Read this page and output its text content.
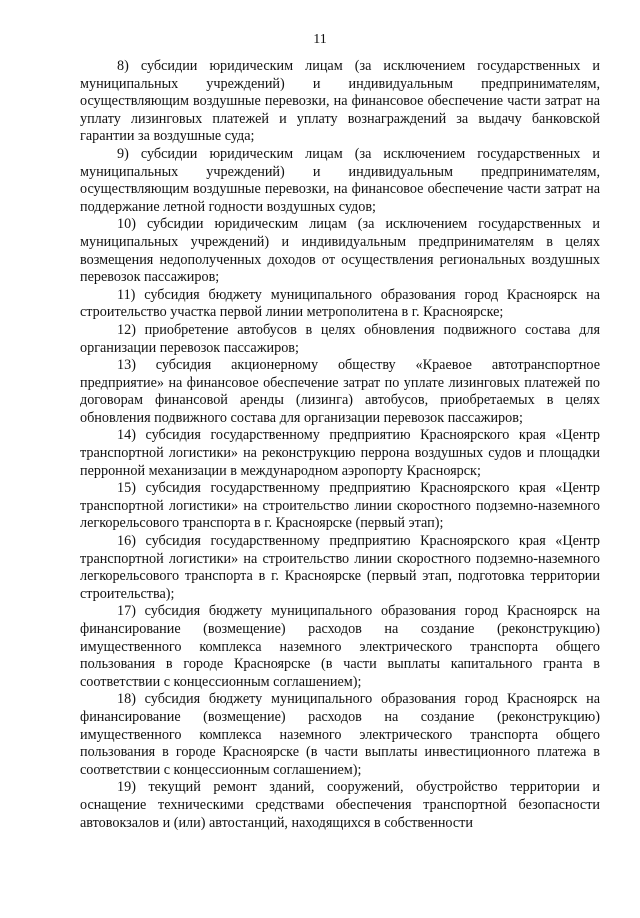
11

8) субсидии юридическим лицам (за исключением государственных и муниципальных учреждений) и индивидуальным предпринимателям, осуществляющим воздушные перевозки, на финансовое обеспечение части затрат на уплату лизинговых платежей и уплату вознаграждений за выдачу банковской гарантии за воздушные суда;

9) субсидии юридическим лицам (за исключением государственных и муниципальных учреждений) и индивидуальным предпринимателям, осуществляющим воздушные перевозки, на финансовое обеспечение части затрат на поддержание летной годности воздушных судов;

10) субсидии юридическим лицам (за исключением государственных и муниципальных учреждений) и индивидуальным предпринимателям в целях возмещения недополученных доходов от осуществления региональных воздушных перевозок пассажиров;

11) субсидия бюджету муниципального образования город Красноярск на строительство участка первой линии метрополитена в г. Красноярске;

12) приобретение автобусов в целях обновления подвижного состава для организации перевозок пассажиров;

13) субсидия акционерному обществу «Краевое автотранспортное предприятие» на финансовое обеспечение затрат по уплате лизинговых платежей по договорам финансовой аренды (лизинга) автобусов, приобретаемых в целях обновления подвижного состава для организации перевозок пассажиров;

14) субсидия государственному предприятию Красноярского края «Центр транспортной логистики» на реконструкцию перрона воздушных судов и площадки перронной механизации в международном аэропорту Красноярск;

15) субсидия государственному предприятию Красноярского края «Центр транспортной логистики» на строительство линии скоростного подземно-наземного легкорельсового транспорта в г. Красноярске (первый этап);

16) субсидия государственному предприятию Красноярского края «Центр транспортной логистики» на строительство линии скоростного подземно-наземного легкорельсового транспорта в г. Красноярске (первый этап, подготовка территории строительства);

17) субсидия бюджету муниципального образования город Красноярск на финансирование (возмещение) расходов на создание (реконструкцию) имущественного комплекса наземного электрического транспорта общего пользования в городе Красноярске (в части выплаты капитального гранта в соответствии с концессионным соглашением);

18) субсидия бюджету муниципального образования город Красноярск на финансирование (возмещение) расходов на создание (реконструкцию) имущественного комплекса наземного электрического транспорта общего пользования в городе Красноярске (в части выплаты инвестиционного платежа в соответствии с концессионным соглашением);

19) текущий ремонт зданий, сооружений, обустройство территории и оснащение техническими средствами обеспечения транспортной безопасности автовокзалов и (или) автостанций, находящихся в собственности
